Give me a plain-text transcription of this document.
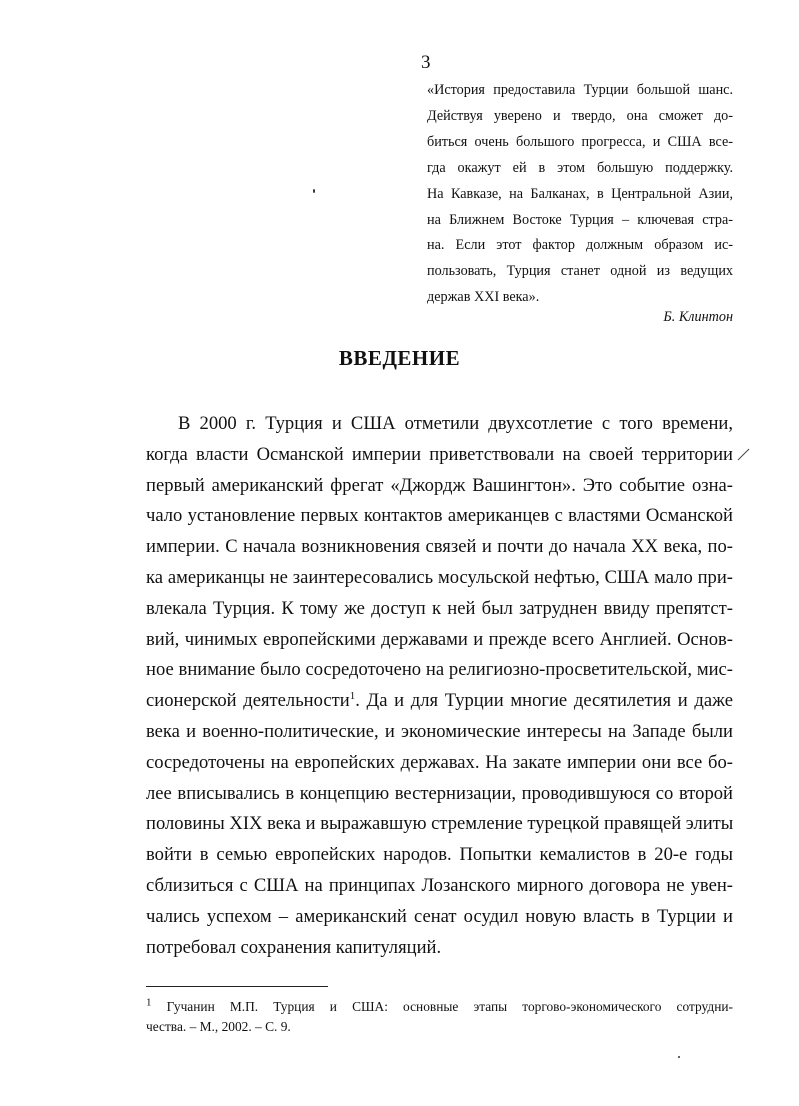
3
«История предоставила Турции большой шанс.
Действуя уверено и твердо, она сможет до-
биться очень большого прогресса, и США все-
гда окажут ей в этом большую поддержку.
На Кавказе, на Балканах, в Центральной Азии,
на Ближнем Востоке Турция – ключевая стра-
на. Если этот фактор должным образом ис-
пользовать, Турция станет одной из ведущих
держав XXI века».
Б. Клинтон
ВВЕДЕНИЕ
В 2000 г. Турция и США отметили двухсотлетие с того времени,
когда власти Османской империи приветствовали на своей территории
первый американский фрегат «Джордж Вашингтон». Это событие озна-
чало установление первых контактов американцев с властями Османской
империи. С начала возникновения связей и почти до начала XX века, по-
ка американцы не заинтересовались мосульской нефтью, США мало при-
влекала Турция. К тому же доступ к ней был затруднен ввиду препятст-
вий, чинимых европейскими державами и прежде всего Англией. Основ-
ное внимание было сосредоточено на религиозно-просветительской, мис-
сионерской деятельности$^1$. Да и для Турции многие десятилетия и даже
века и военно-политические, и экономические интересы на Западе были
сосредоточены на европейских державах. На закате империи они все бо-
лее вписывались в концепцию вестернизации, проводившуюся со второй
половины XIX века и выражавшую стремление турецкой правящей элиты
войти в семью европейских народов. Попытки кемалистов в 20-е годы
сблизиться с США на принципах Лозанского мирного договора не увен-
чались успехом – американский сенат осудил новую власть в Турции и
потребовал сохранения капитуляций.
$^1$ Гучанин М.П. Турция и США: основные этапы торгово-экономического сотрудни-
чества. – М., 2002. – С. 9.
